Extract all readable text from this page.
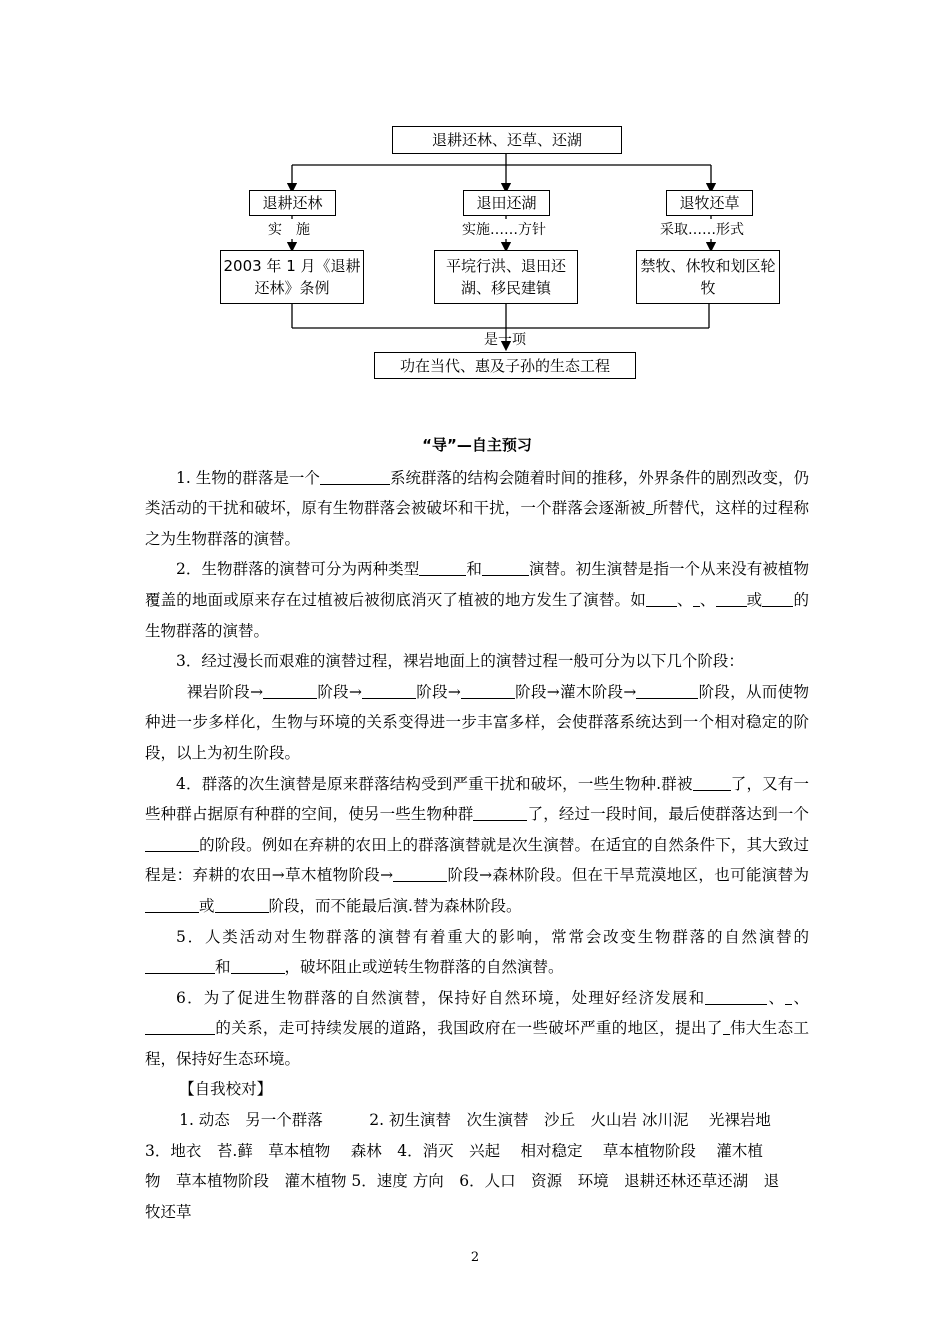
退耕还林、还草、还湖
退耕还林	退田还湖	退牧还草
实　施	实施……方针	采取……形式
2003 年 1 月《退耕还林》条例
平垸行洪、退田还湖、移民建镇
禁牧、休牧和划区轮牧
是一项
功在当代、惠及子孙的生态工程

“导”—自主预习

1. 生物的群落是一个	系统群落的结构会随着时间的推移，外界条件的剧烈改变，仍类活动的干扰和破坏，原有生物群落会被破坏和干扰，一个群落会逐渐被 所替代，这样的过程称之为生物群落的演替。

2．生物群落的演替可分为两种类型	和	演替。初生演替是指一个从来没有被植物覆盖的地面或原来存在过植被后被彻底消灭了植被的地方发生了演替。如 、 、 或 的生物群落的演替。

3．经过漫长而艰难的演替过程，裸岩地面上的演替过程一般可分为以下几个阶段：

裸岩阶段→	阶段→	阶段→	阶段→灌木阶段→	阶段，从而使物种进一步多样化，生物与环境的关系变得进一步丰富多样，会使群落系统达到一个相对稳定的阶段，以上为初生阶段。

4．群落的次生演替是原来群落结构受到严重干扰和破坏，一些生物种.群被 了，又有一些种群占据原有种群的空间，使另一些生物种群	了，经过一段时间，最后使群落达到一个的阶段。例如在弃耕的农田上的群落演替就是次生演替。在适宜的自然条件下，其大致过程是：弃耕的农田→草木植物阶段→	阶段→森林阶段。但在干旱荒漠地区，也可能演替为或	阶段，而不能最后演.替为森林阶段。

5．人类活动对生物群落的演替有着重大的影响，常常会改变生物群落的自然演替的和	，破坏阻止或逆转生物群落的自然演替。

6．为了促进生物群落的自然演替，保持好自然环境，处理好经济发展和	、 、的关系，走可持续发展的道路，我国政府在一些破坏严重的地区，提出了 伟大生态工程，保持好生态环境。

【自我校对】

1. 动态　另一个群落　　　2. 初生演替　次生演替　沙丘　火山岩 冰川泥　 光裸岩地

3．地衣　苔.藓　草本植物　 森林　4．消灭　兴起　 相对稳定　 草本植物阶段　 灌木植

物　草本植物阶段　灌木植物 5．速度 方向　6．人口　资源　环境　退耕还林还草还湖　退

牧还草

2
